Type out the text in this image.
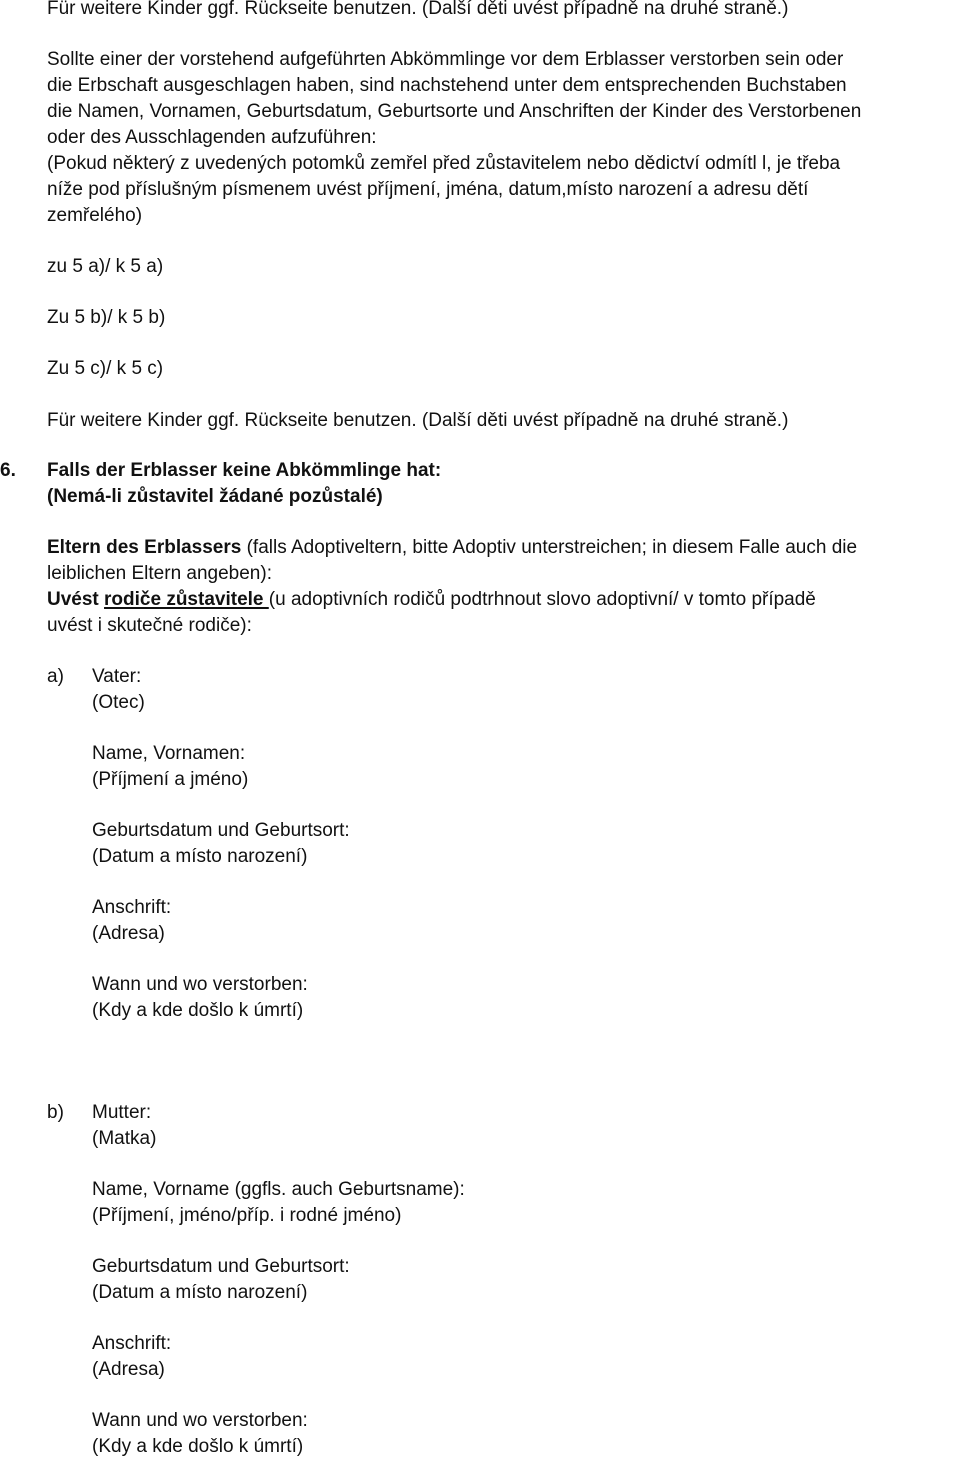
Für weitere Kinder ggf. Rückseite benutzen. (Další děti uvést případně na druhé straně.)
Sollte einer der vorstehend aufgeführten Abkömmlinge vor dem Erblasser verstorben sein oder
die Erbschaft ausgeschlagen haben, sind nachstehend unter dem entsprechenden Buchstaben
die Namen, Vornamen, Geburtsdatum, Geburtsorte und Anschriften der Kinder des Verstorbenen
oder des Ausschlagenden aufzuführen:
(Pokud některý z uvedených potomků zemřel před zůstavitelem nebo dědictví odmítl l, je třeba
níže pod příslušným písmenem uvést příjmení, jména, datum,místo narození a adresu dětí
zemřelého)
zu 5 a)/ k 5 a)
Zu 5 b)/ k 5 b)
Zu 5 c)/ k 5 c)
Für weitere Kinder ggf. Rückseite benutzen. (Další děti uvést případně na druhé straně.)
6. Falls der Erblasser keine Abkömmlinge hat:
(Nemá-li zůstavitel žádané pozůstalé)
Eltern des Erblassers (falls Adoptiveltern, bitte Adoptiv unterstreichen; in diesem Falle auch die
leiblichen Eltern angeben):
Uvést rodiče zůstavitele (u adoptivních rodičů podtrhnout slovo adoptivní/ v tomto případě
uvést i skutečné rodiče):
a) Vater:
(Otec)
Name, Vornamen:
(Příjmení a jméno)
Geburtsdatum und Geburtsort:
(Datum a místo narození)
Anschrift:
(Adresa)
Wann und wo verstorben:
(Kdy a kde došlo k úmrtí)
b) Mutter:
(Matka)
Name, Vorname (ggfls. auch Geburtsname):
(Příjmení, jméno/příp. i rodné jméno)
Geburtsdatum und Geburtsort:
(Datum a místo narození)
Anschrift:
(Adresa)
Wann und wo verstorben:
(Kdy a kde došlo k úmrtí)
